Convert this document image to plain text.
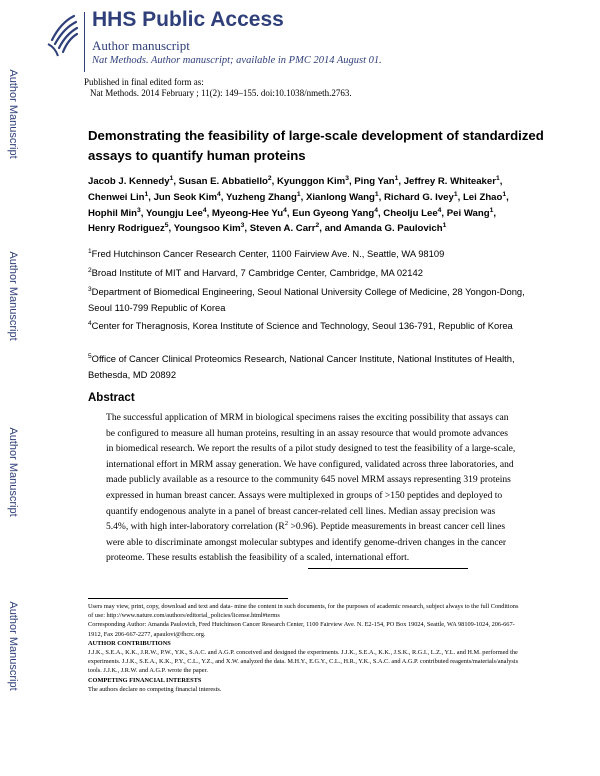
Author Manuscript
Author Manuscript
Author Manuscript
Author Manuscript
HHS Public Access
Author manuscript
Nat Methods. Author manuscript; available in PMC 2014 August 01.
Published in final edited form as:
Nat Methods. 2014 February ; 11(2): 149–155. doi:10.1038/nmeth.2763.
Demonstrating the feasibility of large-scale development of standardized assays to quantify human proteins
Jacob J. Kennedy$^1$, Susan E. Abbatiello$^2$, Kyunggon Kim$^3$, Ping Yan$^1$, Jeffrey R. Whiteaker$^1$, Chenwei Lin$^1$, Jun Seok Kim$^4$, Yuzheng Zhang$^1$, Xianlong Wang$^1$, Richard G. Ivey$^1$, Lei Zhao$^1$, Hophil Min$^3$, Youngju Lee$^4$, Myeong-Hee Yu$^4$, Eun Gyeong Yang$^4$, Cheolju Lee$^4$, Pei Wang$^1$, Henry Rodriguez$^5$, Youngsoo Kim$^3$, Steven A. Carr$^2$, and Amanda G. Paulovich$^1$
$^1$Fred Hutchinson Cancer Research Center, 1100 Fairview Ave. N., Seattle, WA 98109
$^2$Broad Institute of MIT and Harvard, 7 Cambridge Center, Cambridge, MA 02142
$^3$Department of Biomedical Engineering, Seoul National University College of Medicine, 28 Yongon-Dong, Seoul 110-799 Republic of Korea
$^4$Center for Theragnosis, Korea Institute of Science and Technology, Seoul 136-791, Republic of Korea
$^5$Office of Cancer Clinical Proteomics Research, National Cancer Institute, National Institutes of Health, Bethesda, MD 20892
Abstract
The successful application of MRM in biological specimens raises the exciting possibility that assays can be configured to measure all human proteins, resulting in an assay resource that would promote advances in biomedical research. We report the results of a pilot study designed to test the feasibility of a large-scale, international effort in MRM assay generation. We have configured, validated across three laboratories, and made publicly available as a resource to the community 645 novel MRM assays representing 319 proteins expressed in human breast cancer. Assays were multiplexed in groups of >150 peptides and deployed to quantify endogenous analyte in a panel of breast cancer-related cell lines. Median assay precision was 5.4%, with high inter-laboratory correlation $(R^2 >0.96)$. Peptide measurements in breast cancer cell lines were able to discriminate amongst molecular subtypes and identify genome-driven changes in the cancer proteome. These results establish the feasibility of a scaled, international effort.
Users may view, print, copy, download and text and data- mine the content in such documents, for the purposes of academic research, subject always to the full Conditions of use: http://www.nature.com/authors/editorial_policies/license.html#terms
Corresponding Author: Amanda Paulovich, Fred Hutchinson Cancer Research Center, 1100 Fairview Ave. N. E2-154, PO Box 19024, Seattle, WA 98109-1024, 206-667-1912, Fax 206-667-2277, apaulovi@fhcrc.org.
AUTHOR CONTRIBUTIONS
J.J.K., S.E.A., K.K., J.R.W., P.W., Y.K., S.A.C. and A.G.P. conceived and designed the experiments. J.J.K., S.E.A., K.K., J.S.K., R.G.I., L.Z., Y.L. and H.M. performed the experiments. J.J.K., S.E.A., K.K., P.Y., C.L., Y.Z., and X.W. analyzed the data. M.H.Y., E.G.Y., C.L., H.R., Y.K., S.A.C. and A.G.P. contributed reagents/materials/analysis tools. J.J.K., J.R.W. and A.G.P. wrote the paper.
COMPETING FINANCIAL INTERESTS
The authors declare no competing financial interests.
